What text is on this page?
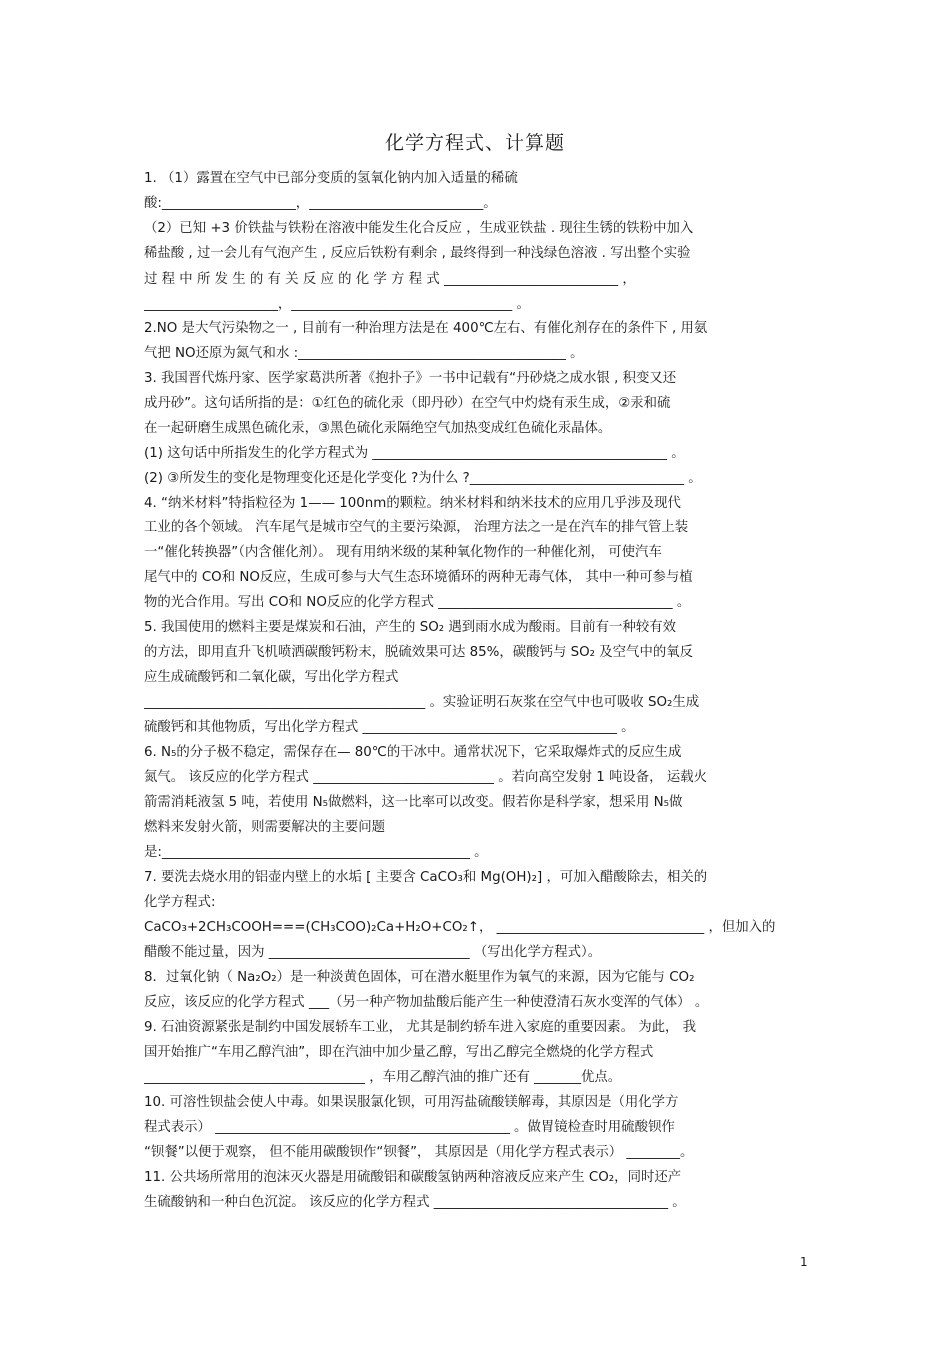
化学方程式、计算题
1. （1）露置在空气中已部分变质的氢氧化钠内加入适量的稀硫
酸:____________________，__________________________。
（2）已知 +3 价铁盐与铁粉在溶液中能发生化合反应 ，生成亚铁盐 . 现往生锈的铁粉中加入
稀盐酸 , 过一会儿有气泡产生 , 反应后铁粉有剩余 , 最终得到一种浅绿色溶液 . 写出整个实验
过 程 中 所 发 生 的 有 关 反 应 的 化 学 方 程 式 __________________________ ，
____________________，_________________________________ 。
2.NO 是大气污染物之一 , 目前有一种治理方法是在 400℃左右、有催化剂存在的条件下 , 用氨
气把 NO还原为氮气和水 :________________________________________ 。
3. 我国晋代炼丹家、医学家葛洪所著《抱扑子》一书中记载有“丹砂烧之成水银 , 积变又还
成丹砂”。这句话所指的是：①红色的硫化汞（即丹砂）在空气中灼烧有汞生成，②汞和硫
在一起研磨生成黑色硫化汞，③黑色硫化汞隔绝空气加热变成红色硫化汞晶体。
(1) 这句话中所指发生的化学方程式为 ____________________________________________ 。
(2) ③所发生的变化是物理变化还是化学变化 ?为什么 ?________________________________ 。
4. “纳米材料”特指粒径为 1—— 100nm的颗粒。纳米材料和纳米技术的应用几乎涉及现代
工业的各个领域。 汽车尾气是城市空气的主要污染源， 治理方法之一是在汽车的排气管上装
一“催化转换器”（内含催化剂）。 现有用纳米级的某种氧化物作的一种催化剂， 可使汽车
尾气中的 CO和 NO反应，生成可参与大气生态环境循环的两种无毒气体， 其中一种可参与植
物的光合作用。写出 CO和 NO反应的化学方程式 ___________________________________ 。
5. 我国使用的燃料主要是煤炭和石油，产生的 SO₂ 遇到雨水成为酸雨。目前有一种较有效
的方法，即用直升飞机喷洒碳酸钙粉末，脱硫效果可达 85%，碳酸钙与 SO₂ 及空气中的氧反
应生成硫酸钙和二氧化碳，写出化学方程式
__________________________________________ 。实验证明石灰浆在空气中也可吸收 SO₂生成
硫酸钙和其他物质，写出化学方程式 ______________________________________ 。
6. N₅的分子极不稳定，需保存在— 80℃的干冰中。通常状况下，它采取爆炸式的反应生成
氮气。 该反应的化学方程式 ___________________________ 。若向高空发射 1 吨设备， 运载火
箭需消耗液氢 5 吨，若使用 N₅做燃料，这一比率可以改变。假若你是科学家，想采用 N₅做
燃料来发射火箭，则需要解决的主要问题
是:______________________________________________ 。
7. 要洗去烧水用的铝壶内壁上的水垢 [ 主要含 CaCO₃和 Mg(OH)₂] ，可加入醋酸除去，相关的
化学方程式:
CaCO₃+2CH₃COOH===(CH₃COO)₂Ca+H₂O+CO₂↑， _______________________________ ，但加入的
醋酸不能过量，因为 ______________________________ （写出化学方程式）。
8．过氧化钠（ Na₂O₂）是一种淡黄色固体，可在潜水艇里作为氧气的来源，因为它能与 CO₂
反应，该反应的化学方程式 ___（另一种产物加盐酸后能产生一种使澄清石灰水变浑的气体） 。
9. 石油资源紧张是制约中国发展轿车工业， 尤其是制约轿车进入家庭的重要因素。 为此， 我
国开始推广“车用乙醇汽油”，即在汽油中加少量乙醇，写出乙醇完全燃烧的化学方程式
_________________________________ ，车用乙醇汽油的推广还有 _______优点。
10. 可溶性钡盐会使人中毒。如果误服氯化钡，可用泻盐硫酸镁解毒，其原因是（用化学方
程式表示） ____________________________________________ 。做胃镜检查时用硫酸钡作
“钡餐”以便于观察， 但不能用碳酸钡作“钡餐”， 其原因是（用化学方程式表示） ________。
11. 公共场所常用的泡沫灭火器是用硫酸铝和碳酸氢钠两种溶液反应来产生 CO₂，同时还产
生硫酸钠和一种白色沉淀。 该反应的化学方程式 ___________________________________ 。
1
